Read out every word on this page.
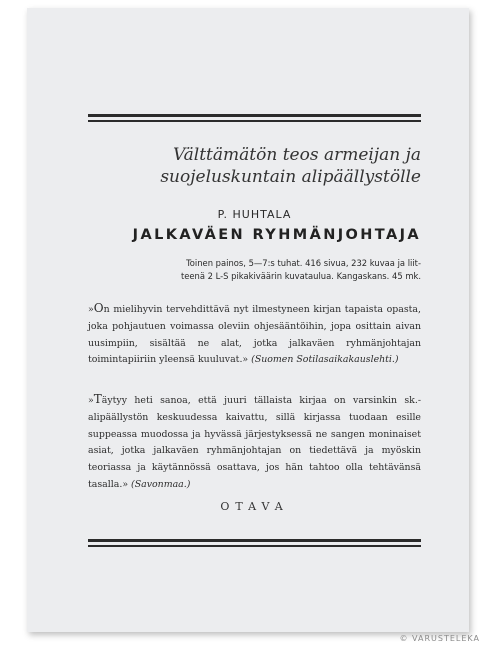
Välttämätön teos armeijan ja
suojeluskuntain alipäällystölle
P. HUHTALA
JALKAVÄEN RYHMÄNJOHTAJA
Toinen painos, 5—7:s tuhat. 416 sivua, 232 kuvaa ja liit-
teenä 2 L-S pikakiväärin kuvataulua. Kangaskans. 45 mk.
»On mielihyvin tervehdittävä nyt ilmestyneen kirjan tapaista opasta, joka pohjautuen voimassa oleviin ohjesääntöihin, jopa osittain aivan uusimpiin, sisältää ne alat, jotka jalkaväen ryhmänjohtajan toimintapiiriin yleensä kuuluvat.» (Suomen Sotilasaikakauslehti.)
»Täytyy heti sanoa, että juuri tällaista kirjaa on varsinkin sk.-alipäällystön keskuudessa kaivattu, sillä kirjassa tuodaan esille suppeassa muodossa ja hyvässä järjestyksessä ne sangen moninaiset asiat, jotka jalkaväen ryhmänjohtajan on tiedettävä ja myöskin teoriassa ja käytännössä osattava, jos hän tahtoo olla tehtävänsä tasalla.» (Savonmaa.)
OTAVA
© VARUSTELEKA
